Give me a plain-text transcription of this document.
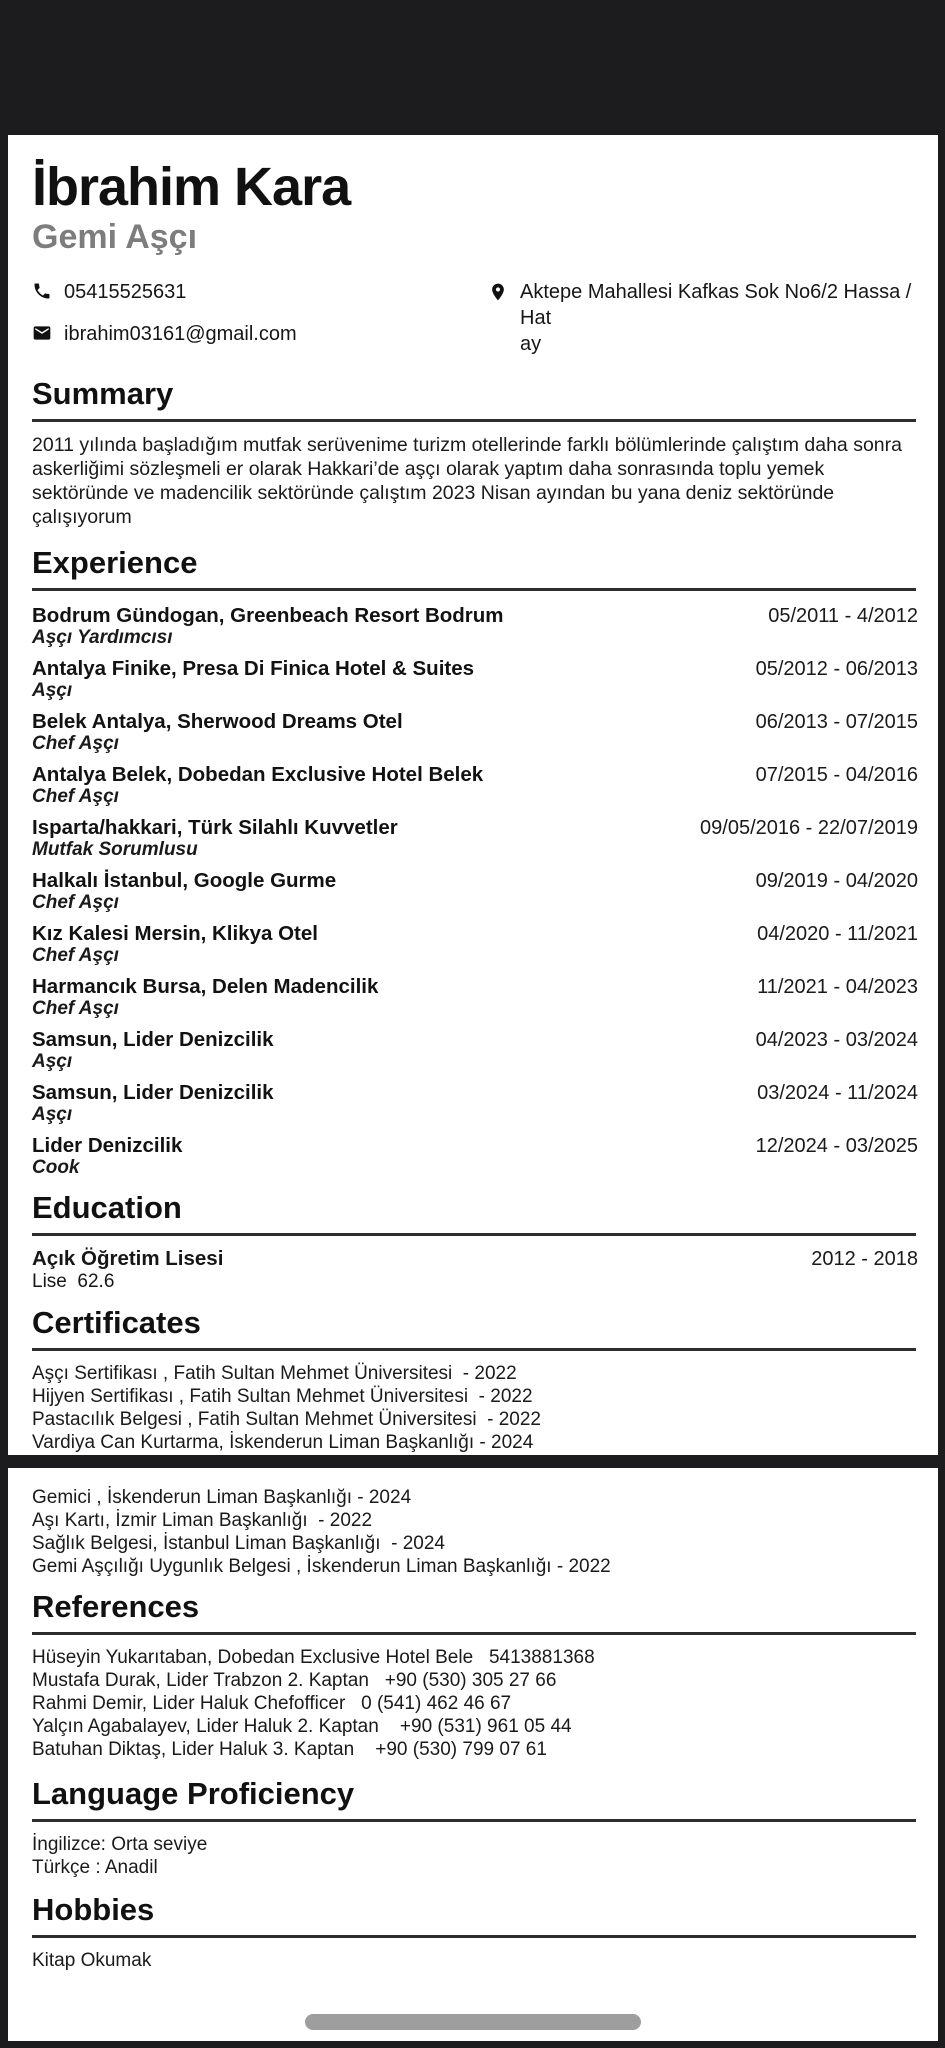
İbrahim Kara
Gemi Aşçı
05415525631
ibrahim03161@gmail.com
Aktepe Mahallesi Kafkas Sok No6/2 Hassa / Hat
ay
Summary
2011 yılında başladığım mutfak serüvenime turizm otellerinde farklı bölümlerinde çalıştım daha sonra askerliğimi sözleşmeli er olarak Hakkari’de aşçı olarak yaptım daha sonrasında toplu yemek sektöründe ve madencilik sektöründe çalıştım 2023 Nisan ayından bu yana deniz sektöründe çalışıyorum
Experience
Bodrum Gündogan, Greenbeach Resort Bodrum
Aşçı Yardımcısı
05/2011 - 4/2012
Antalya Finike, Presa Di Finica Hotel & Suites
Aşçı
05/2012 - 06/2013
Belek Antalya, Sherwood Dreams Otel
Chef Aşçı
06/2013 - 07/2015
Antalya Belek, Dobedan Exclusive Hotel Belek
Chef Aşçı
07/2015 - 04/2016
Isparta/hakkari, Türk Silahlı Kuvvetler
Mutfak Sorumlusu
09/05/2016 - 22/07/2019
Halkalı İstanbul, Google Gurme
Chef Aşçı
09/2019 - 04/2020
Kız Kalesi Mersin, Klikya Otel
Chef Aşçı
04/2020 - 11/2021
Harmancık Bursa, Delen Madencilik
Chef Aşçı
11/2021 - 04/2023
Samsun, Lider Denizcilik
Aşçı
04/2023 - 03/2024
Samsun, Lider Denizcilik
Aşçı
03/2024 - 11/2024
Lider Denizcilik
Cook
12/2024 - 03/2025
Education
Açık Öğretim Lisesi
Lise  62.6
2012 - 2018
Certificates
Aşçı Sertifikası , Fatih Sultan Mehmet Üniversitesi  - 2022
Hijyen Sertifikası , Fatih Sultan Mehmet Üniversitesi  - 2022
Pastacılık Belgesi , Fatih Sultan Mehmet Üniversitesi  - 2022
Vardiya Can Kurtarma, İskenderun Liman Başkanlığı - 2024
Gemici , İskenderun Liman Başkanlığı - 2024
Aşı Kartı, İzmir Liman Başkanlığı  - 2022
Sağlık Belgesi, İstanbul Liman Başkanlığı  - 2024
Gemi Aşçılığı Uygunlık Belgesi , İskenderun Liman Başkanlığı - 2022
References
Hüseyin Yukarıtaban, Dobedan Exclusive Hotel Bele   5413881368
Mustafa Durak, Lider Trabzon 2. Kaptan   +90 (530) 305 27 66
Rahmi Demir, Lider Haluk Chefofficer   0 (541) 462 46 67
Yalçın Agabalayev, Lider Haluk 2. Kaptan    +90 (531) 961 05 44
Batuhan Diktaş, Lider Haluk 3. Kaptan    +90 (530) 799 07 61
Language Proficiency
İngilizce: Orta seviye
Türkçe : Anadil
Hobbies
Kitap Okumak
